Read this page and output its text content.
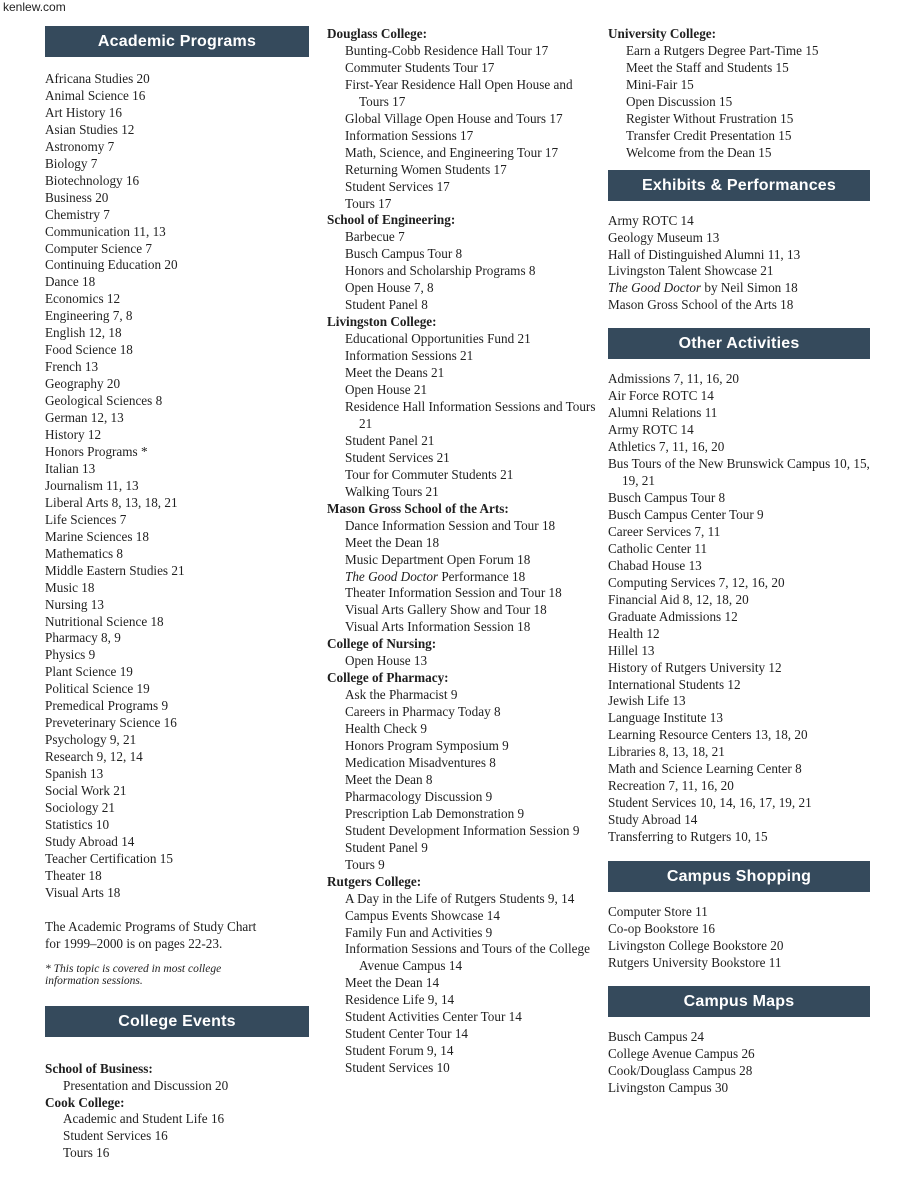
kenlew.com
Academic Programs
Africana Studies 20
Animal Science 16
Art History 16
Asian Studies 12
Astronomy 7
Biology 7
Biotechnology 16
Business 20
Chemistry 7
Communication 11, 13
Computer Science 7
Continuing Education 20
Dance 18
Economics 12
Engineering 7, 8
English 12, 18
Food Science 18
French 13
Geography 20
Geological Sciences 8
German 12, 13
History 12
Honors Programs *
Italian 13
Journalism 11, 13
Liberal Arts 8, 13, 18, 21
Life Sciences 7
Marine Sciences 18
Mathematics 8
Middle Eastern Studies 21
Music 18
Nursing 13
Nutritional Science 18
Pharmacy 8, 9
Physics 9
Plant Science 19
Political Science 19
Premedical Programs 9
Preveterinary Science 16
Psychology 9, 21
Research 9, 12, 14
Spanish 13
Social Work 21
Sociology 21
Statistics 10
Study Abroad 14
Teacher Certification 15
Theater 18
Visual Arts 18
The Academic Programs of Study Chart
for 1999–2000 is on pages 22-23.
* This topic is covered in most college
information sessions.
College Events
School of Business:
Presentation and Discussion 20
Cook College:
Academic and Student Life 16
Student Services 16
Tours 16
Douglass College:
Bunting-Cobb Residence Hall Tour 17
Commuter Students Tour 17
First-Year Residence Hall Open House and Tours 17
Global Village Open House and Tours 17
Information Sessions 17
Math, Science, and Engineering Tour 17
Returning Women Students 17
Student Services 17
Tours 17
School of Engineering:
Barbecue 7
Busch Campus Tour 8
Honors and Scholarship Programs 8
Open House 7, 8
Student Panel 8
Livingston College:
Educational Opportunities Fund 21
Information Sessions 21
Meet the Deans 21
Open House 21
Residence Hall Information Sessions and Tours 21
Student Panel 21
Student Services 21
Tour for Commuter Students 21
Walking Tours 21
Mason Gross School of the Arts:
Dance Information Session and Tour 18
Meet the Dean 18
Music Department Open Forum 18
The Good Doctor Performance 18
Theater Information Session and Tour 18
Visual Arts Gallery Show and Tour 18
Visual Arts Information Session 18
College of Nursing:
Open House 13
College of Pharmacy:
Ask the Pharmacist 9
Careers in Pharmacy Today 8
Health Check 9
Honors Program Symposium 9
Medication Misadventures 8
Meet the Dean 8
Pharmacology Discussion 9
Prescription Lab Demonstration 9
Student Development Information Session 9
Student Panel 9
Tours 9
Rutgers College:
A Day in the Life of Rutgers Students 9, 14
Campus Events Showcase 14
Family Fun and Activities 9
Information Sessions and Tours of the College Avenue Campus 14
Meet the Dean 14
Residence Life 9, 14
Student Activities Center Tour 14
Student Center Tour 14
Student Forum 9, 14
Student Services 10
University College:
Earn a Rutgers Degree Part-Time 15
Meet the Staff and Students 15
Mini-Fair 15
Open Discussion 15
Register Without Frustration 15
Transfer Credit Presentation 15
Welcome from the Dean 15
Exhibits & Performances
Army ROTC 14
Geology Museum 13
Hall of Distinguished Alumni 11, 13
Livingston Talent Showcase 21
The Good Doctor by Neil Simon 18
Mason Gross School of the Arts 18
Other Activities
Admissions 7, 11, 16, 20
Air Force ROTC 14
Alumni Relations 11
Army ROTC 14
Athletics 7, 11, 16, 20
Bus Tours of the New Brunswick Campus 10, 15, 19, 21
Busch Campus Tour 8
Busch Campus Center Tour 9
Career Services 7, 11
Catholic Center 11
Chabad House 13
Computing Services 7, 12, 16, 20
Financial Aid 8, 12, 18, 20
Graduate Admissions 12
Health 12
Hillel 13
History of Rutgers University 12
International Students 12
Jewish Life 13
Language Institute 13
Learning Resource Centers 13, 18, 20
Libraries 8, 13, 18, 21
Math and Science Learning Center 8
Recreation 7, 11, 16, 20
Student Services 10, 14, 16, 17, 19, 21
Study Abroad 14
Transferring to Rutgers 10, 15
Campus Shopping
Computer Store 11
Co-op Bookstore 16
Livingston College Bookstore 20
Rutgers University Bookstore 11
Campus Maps
Busch Campus 24
College Avenue Campus 26
Cook/Douglass Campus 28
Livingston Campus 30
